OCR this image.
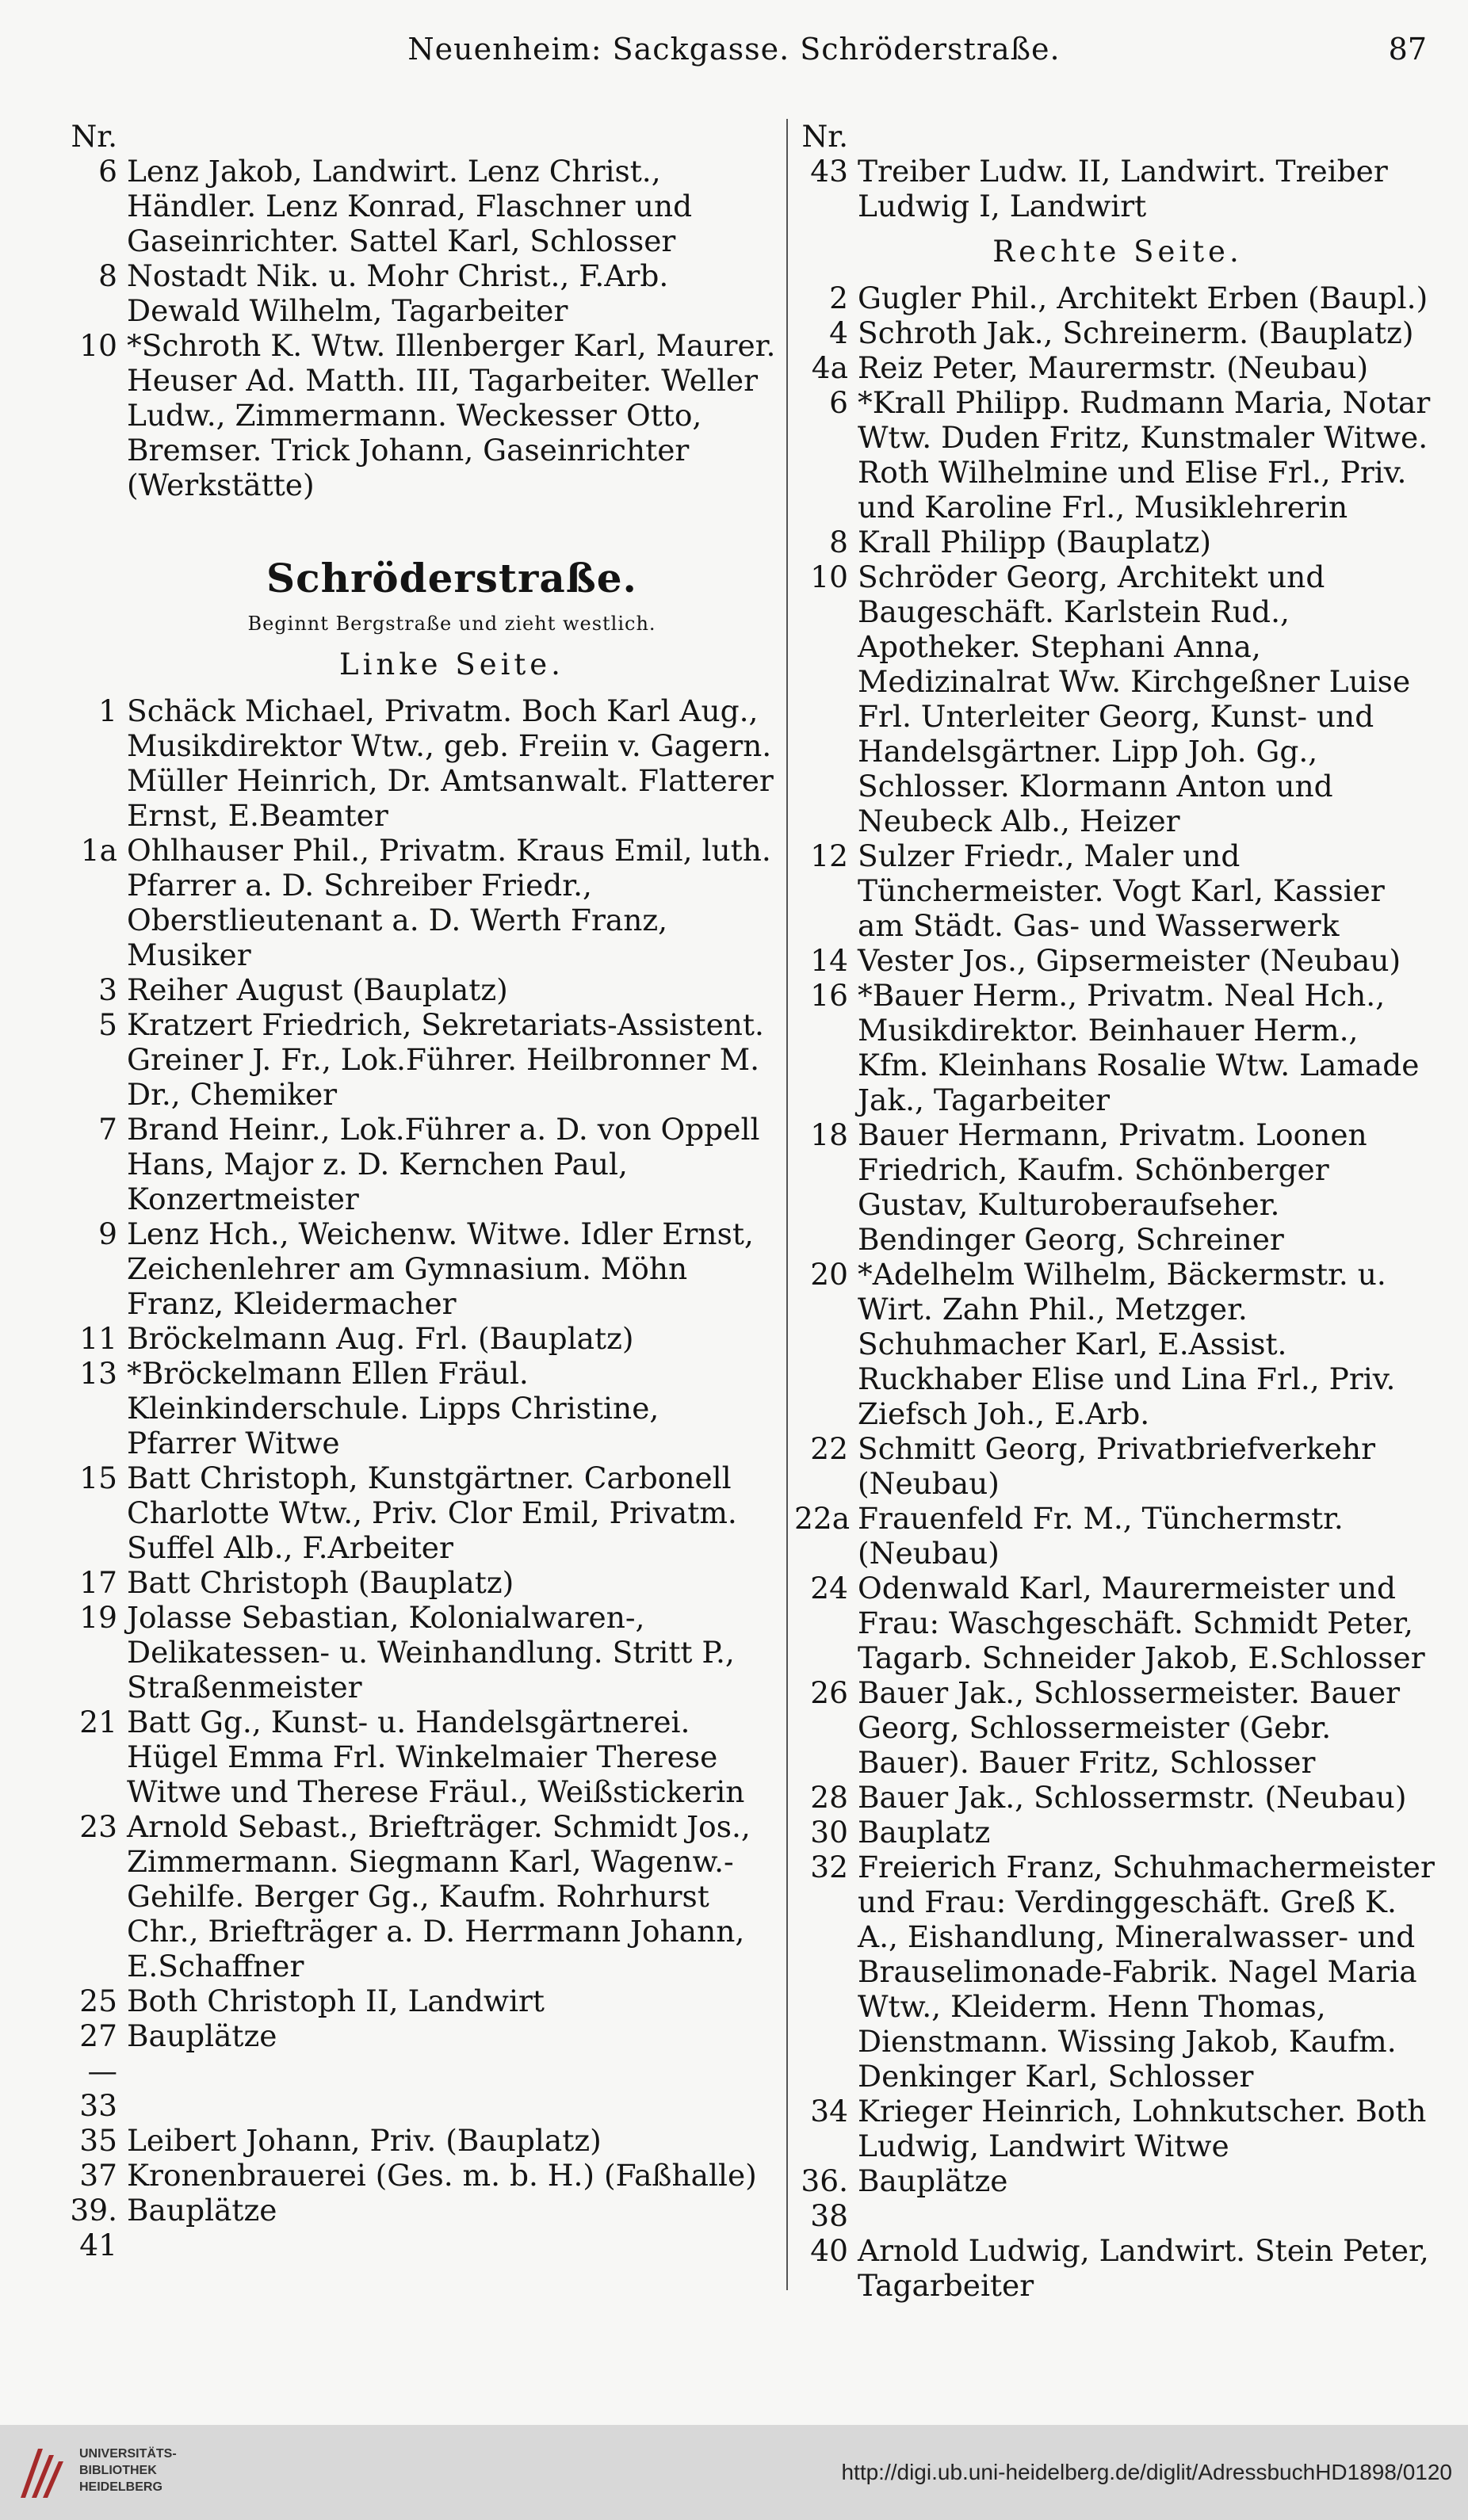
Neuenheim: Sackgasse. Schröderstraße.	87
Nr.
6 Lenz Jakob, Landwirt. Lenz Christ., Händler. Lenz Konrad, Flaschner und Gaseinrichter. Sattel Karl, Schlosser
8 Nostadt Nik. u. Mohr Christ., F.Arb. Dewald Wilhelm, Tagarbeiter
10 *Schroth K. Wtw. Illenberger Karl, Maurer. Heuser Ad. Matth. III, Tagarbeiter. Weller Ludw., Zimmermann. Weckesser Otto, Bremser. Trick Johann, Gaseinrichter (Werkstätte)
Schröderstraße.
Beginnt Bergstraße und zieht westlich.
Linke Seite.
1 Schäck Michael, Privatm. Boch Karl Aug., Musikdirektor Wtw., geb. Freiin v. Gagern. Müller Heinrich, Dr. Amtsanwalt. Flatterer Ernst, E.Beamter
1a Ohlhauser Phil., Privatm. Kraus Emil, luth. Pfarrer a. D. Schreiber Friedr., Oberstlieutenant a. D. Werth Franz, Musiker
3 Reiher August (Bauplatz)
5 Kratzert Friedrich, Sekretariats-Assistent. Greiner J. Fr., Lok.Führer. Heilbronner M. Dr., Chemiker
7 Brand Heinr., Lok.Führer a. D. von Oppell Hans, Major z. D. Kernchen Paul, Konzertmeister
9 Lenz Hch., Weichenw. Witwe. Idler Ernst, Zeichenlehrer am Gymnasium. Möhn Franz, Kleidermacher
11 Bröckelmann Aug. Frl. (Bauplatz)
13 *Bröckelmann Ellen Fräul. Kleinkinderschule. Lipps Christine, Pfarrer Witwe
15 Batt Christoph, Kunstgärtner. Carbonell Charlotte Wtw., Priv. Clor Emil, Privatm. Suffel Alb., F.Arbeiter
17 Batt Christoph (Bauplatz)
19 Jolasse Sebastian, Kolonialwaren-, Delikatessen- u. Weinhandlung. Stritt P., Straßenmeister
21 Batt Gg., Kunst- u. Handelsgärtnerei. Hügel Emma Frl. Winkelmaier Therese Witwe und Therese Fräul., Weißstickerin
23 Arnold Sebast., Briefträger. Schmidt Jos., Zimmermann. Siegmann Karl, Wagenw.-Gehilfe. Berger Gg., Kaufm. Rohrhurst Chr., Briefträger a. D. Herrmann Johann, E.Schaffner
25 Both Christoph II, Landwirt
27—33
Bauplätze
35 Leibert Johann, Priv. (Bauplatz)
37 Kronenbrauerei (Ges. m. b. H.) (Faßhalle)
39. 41
Bauplätze
Nr.
43 Treiber Ludw. II, Landwirt. Treiber Ludwig I, Landwirt
Rechte Seite.
2 Gugler Phil., Architekt Erben (Baupl.)
4 Schroth Jak., Schreinerm. (Bauplatz)
4a Reiz Peter, Maurermstr. (Neubau)
6 *Krall Philipp. Rudmann Maria, Notar Wtw. Duden Fritz, Kunstmaler Witwe. Roth Wilhelmine und Elise Frl., Priv. und Karoline Frl., Musiklehrerin
8 Krall Philipp (Bauplatz)
10 Schröder Georg, Architekt und Baugeschäft. Karlstein Rud., Apotheker. Stephani Anna, Medizinalrat Ww. Kirchgeßner Luise Frl. Unterleiter Georg, Kunst- und Handelsgärtner. Lipp Joh. Gg., Schlosser. Klormann Anton und Neubeck Alb., Heizer
12 Sulzer Friedr., Maler und Tünchermeister. Vogt Karl, Kassier am Städt. Gas- und Wasserwerk
14 Vester Jos., Gipsermeister (Neubau)
16 *Bauer Herm., Privatm. Neal Hch., Musikdirektor. Beinhauer Herm., Kfm. Kleinhans Rosalie Wtw. Lamade Jak., Tagarbeiter
18 Bauer Hermann, Privatm. Loonen Friedrich, Kaufm. Schönberger Gustav, Kulturoberaufseher. Bendinger Georg, Schreiner
20 *Adelhelm Wilhelm, Bäckermstr. u. Wirt. Zahn Phil., Metzger. Schuhmacher Karl, E.Assist. Ruckhaber Elise und Lina Frl., Priv. Ziefsch Joh., E.Arb.
22 Schmitt Georg, Privatbriefverkehr (Neubau)
22a Frauenfeld Fr. M., Tünchermstr. (Neubau)
24 Odenwald Karl, Maurermeister und Frau: Waschgeschäft. Schmidt Peter, Tagarb. Schneider Jakob, E.Schlosser
26 Bauer Jak., Schlossermeister. Bauer Georg, Schlossermeister (Gebr. Bauer). Bauer Fritz, Schlosser
28 Bauer Jak., Schlossermstr. (Neubau)
30 Bauplatz
32 Freierich Franz, Schuhmachermeister und Frau: Verdinggeschäft. Greß K. A., Eishandlung, Mineralwasser- und Brauselimonade-Fabrik. Nagel Maria Wtw., Kleiderm. Henn Thomas, Dienstmann. Wissing Jakob, Kaufm. Denkinger Karl, Schlosser
34 Krieger Heinrich, Lohnkutscher. Both Ludwig, Landwirt Witwe
36. 38
Bauplätze
40 Arnold Ludwig, Landwirt. Stein Peter, Tagarbeiter
UNIVERSITÄTS-
BIBLIOTHEK
HEIDELBERG
http://digi.ub.uni-heidelberg.de/diglit/AdressbuchHD1898/0120
